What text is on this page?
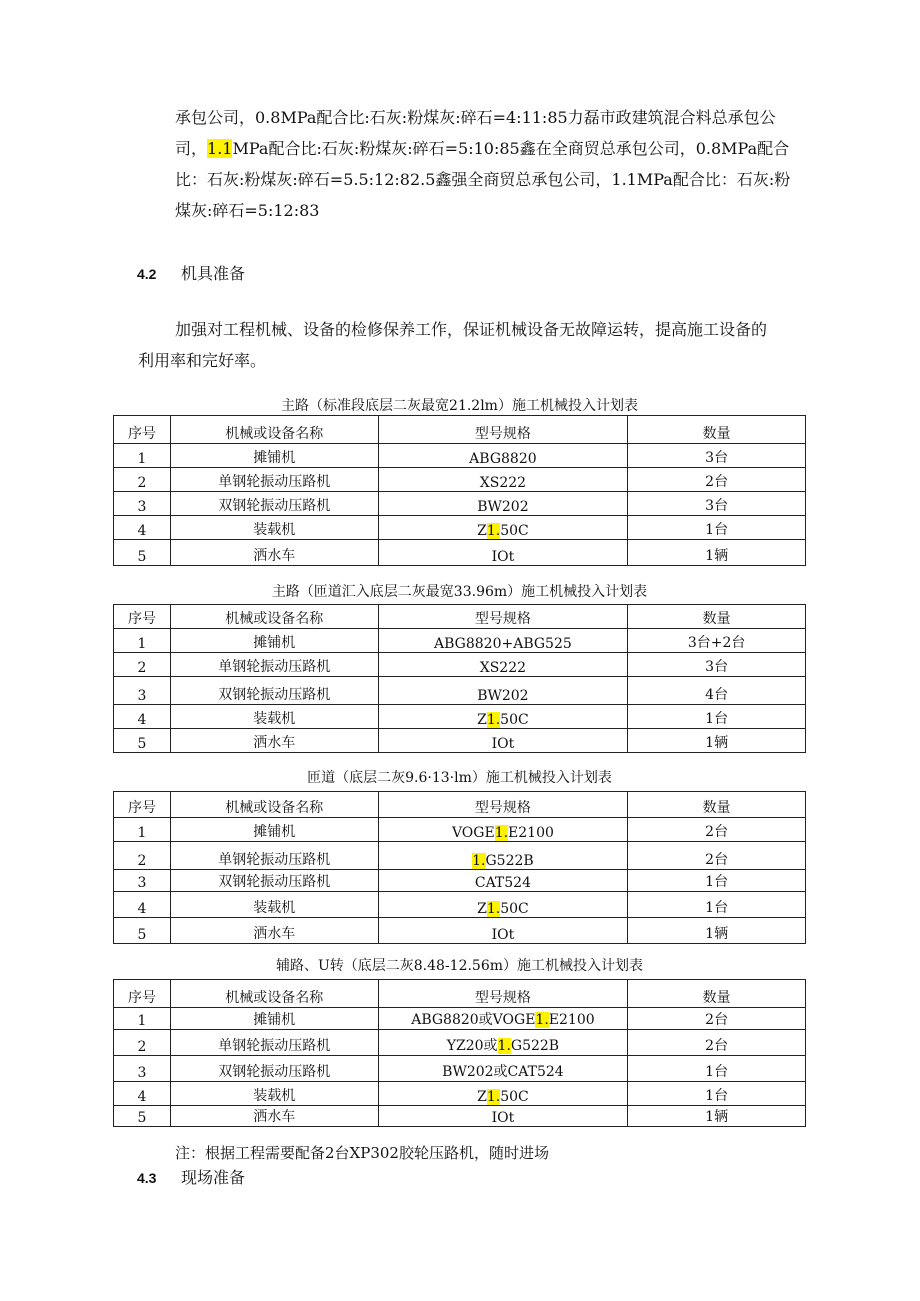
承包公司，0.8MPa配合比:石灰:粉煤灰:碎石=4:11:85力磊市政建筑混合料总承包公
司，1.1MPa配合比:石灰:粉煤灰:碎石=5:10:85鑫在全商贸总承包公司，0.8MPa配合
比：石灰:粉煤灰:碎石=5.5:12:82.5鑫强全商贸总承包公司，1.1MPa配合比：石灰:粉
煤灰:碎石=5:12:83

4.2 机具准备

加强对工程机械、设备的检修保养工作，保证机械设备无故障运转，提高施工设备的
利用率和完好率。

主路（标准段底层二灰最宽21.2lm）施工机械投入计划表

序号	机械或设备名称	型号规格	数量
1	摊铺机	ABG8820	3台
2	单钢轮振动压路机	XS222	2台
3	双钢轮振动压路机	BW202	3台
4	装载机	Z1.50C	1台
5	洒水车	IOt	1辆

主路（匝道汇入底层二灰最宽33.96m）施工机械投入计划表

序号	机械或设备名称	型号规格	数量
1	摊铺机	ABG8820+ABG525	3台+2台
2	单钢轮振动压路机	XS222	3台
3	双钢轮振动压路机	BW202	4台
4	装载机	Z1.50C	1台
5	洒水车	IOt	1辆

匝道（底层二灰9.6·13·lm）施工机械投入计划表

序号	机械或设备名称	型号规格	数量
1	摊铺机	VOGE1.E2100	2台
2	单钢轮振动压路机	1.G522B	2台
3	双钢轮振动压路机	CAT524	1台
4	装载机	Z1.50C	1台
5	洒水车	IOt	1辆

辅路、U转（底层二灰8.48-12.56m）施工机械投入计划表

序号	机械或设备名称	型号规格	数量
1	摊铺机	ABG8820或VOGE1.E2100	2台
2	单钢轮振动压路机	YZ20或1.G522B	2台
3	双钢轮振动压路机	BW202或CAT524	1台
4	装载机	Z1.50C	1台
5	洒水车	IOt	1辆

注：根据工程需要配备2台XP302胶轮压路机，随时进场

4.3 现场准备
